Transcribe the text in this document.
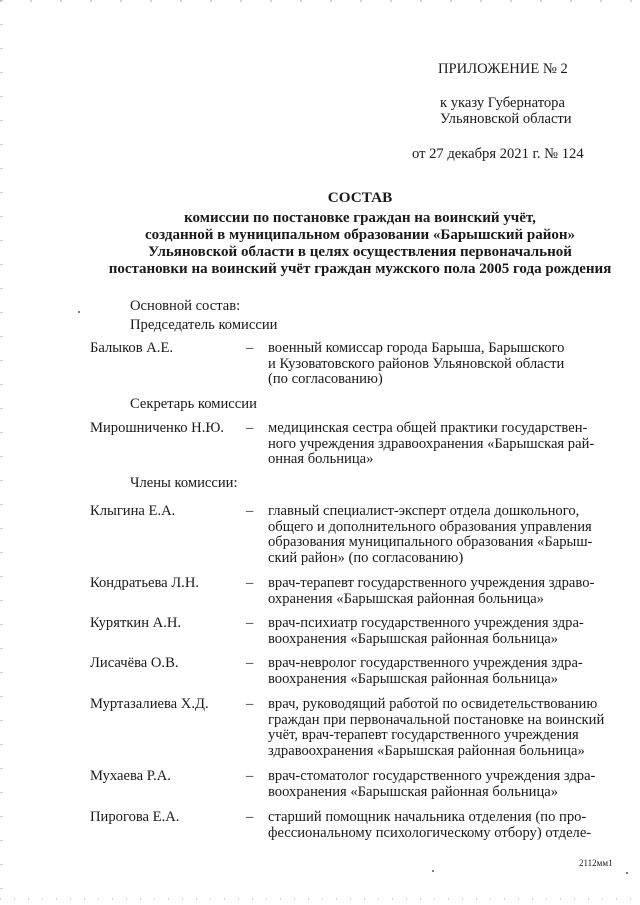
ПРИЛОЖЕНИЕ № 2
к указу Губернатора
Ульяновской области
от 27 декабря 2021 г. № 124
СОСТАВ
комиссии по постановке граждан на воинский учёт,
созданной в муниципальном образовании «Барышский район»
Ульяновской области в целях осуществления первоначальной
постановки на воинский учёт граждан мужского пола 2005 года рождения
Основной состав:
Председатель комиссии
Балыков А.Е.	– военный комиссар города Барыша, Барышского
и Кузоватовского районов Ульяновской области
(по согласованию)
Секретарь комиссии
Мирошниченко Н.Ю. – медицинская сестра общей практики государствен-
ного учреждения здравоохранения «Барышская рай-
онная больница»
Члены комиссии:
Клыгина Е.А.	– главный специалист-эксперт отдела дошкольного,
общего и дополнительного образования управления
образования муниципального образования «Барыш-
ский район» (по согласованию)
Кондратьева Л.Н.	– врач-терапевт государственного учреждения здраво-
охранения «Барышская районная больница»
Куряткин А.Н.	– врач-психиатр государственного учреждения здра-
воохранения «Барышская районная больница»
Лисачёва О.В.	– врач-невролог государственного учреждения здра-
воохранения «Барышская районная больница»
Муртазалиева Х.Д.	– врач, руководящий работой по освидетельствованию
граждан при первоначальной постановке на воинский
учёт, врач-терапевт государственного учреждения
здравоохранения «Барышская районная больница»
Мухаева Р.А.	– врач-стоматолог государственного учреждения здра-
воохранения «Барышская районная больница»
Пирогова Е.А.	– старший помощник начальника отделения (по про-
фессиональному психологическому отбору) отделе-
2112мм1
